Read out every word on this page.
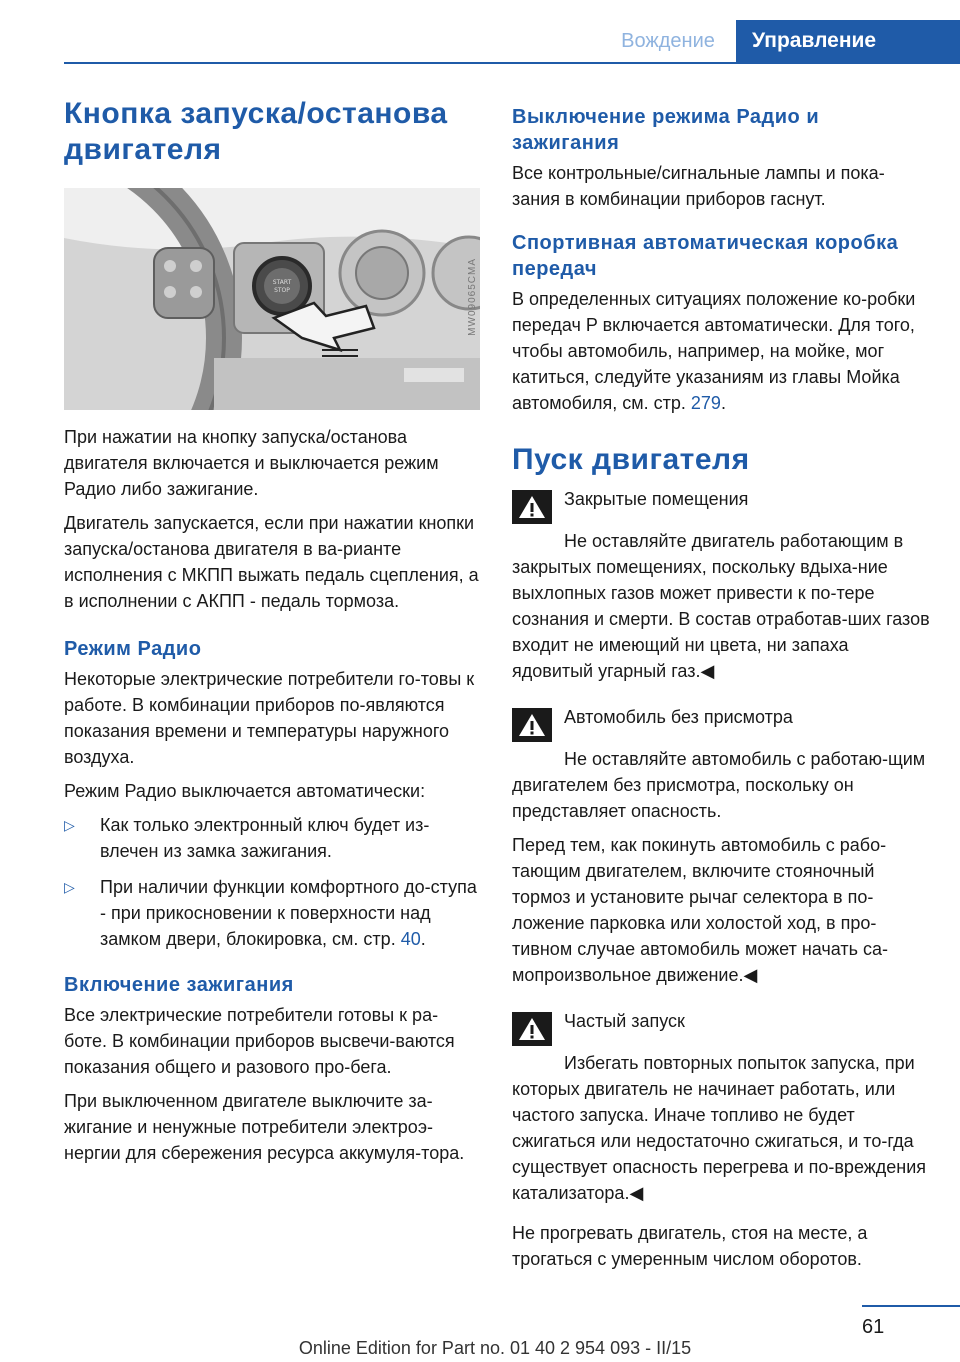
Вождение	Управление
Кнопка запуска/останова двигателя
START
STOP	MW09065CMA

При нажатии на кнопку запуска/останова двигателя включается и выключается режим Радио либо зажигание.

Двигатель запускается, если при нажатии кнопки запуска/останова двигателя в ва-рианте исполнения с МКПП выжать педаль сцепления, а в исполнении с АКПП - педаль тормоза.

Режим Радио

Некоторые электрические потребители го-товы к работе. В комбинации приборов по-являются показания времени и температуры наружного воздуха.

Режим Радио выключается автоматически:

▷	Как только электронный ключ будет из-влечен из замка зажигания.
▷	При наличии функции комфортного до-ступа - при прикосновении к поверхности над замком двери, блокировка, см. стр. 40.
Включение зажигания

Все электрические потребители готовы к ра-боте. В комбинации приборов высвечи-ваются показания общего и разового про-бега.

При выключенном двигателе выключите за-жигание и ненужные потребители электроэ-нергии для сбережения ресурса аккумуля-тора.

Выключение режима Радио и зажигания

Все контрольные/сигнальные лампы и пока-зания в комбинации приборов гаснут.

Спортивная автоматическая коробка передач

В определенных ситуациях положение ко-робки передач P включается автоматически. Для того, чтобы автомобиль, например, на мойке, мог катиться, следуйте указаниям из главы Мойка автомобиля, см. стр. 279.

Пуск двигателя
Закрытые помещения

Не оставляйте двигатель работающим в закрытых помещениях, поскольку вдыха-ние выхлопных газов может привести к по-тере сознания и смерти. В состав отработав-ших газов входит не имеющий ни цвета, ни запаха ядовитый угарный газ.◀

Автомобиль без присмотра

Не оставляйте автомобиль с работаю-щим двигателем без присмотра, поскольку он представляет опасность.

Перед тем, как покинуть автомобиль с рабо-тающим двигателем, включите стояночный тормоз и установите рычаг селектора в по-ложение парковка или холостой ход, в про-тивном случае автомобиль может начать са-мопроизвольное движение.◀

Частый запуск

Избегать повторных попыток запуска, при которых двигатель не начинает работать, или частого запуска. Иначе топливо не будет сжигаться или недостаточно сжигаться, и то-гда существует опасность перегрева и по-вреждения катализатора.◀

Не прогревать двигатель, стоя на месте, а трогаться с умеренным числом оборотов.

61
Online Edition for Part no. 01 40 2 954 093 - II/15
